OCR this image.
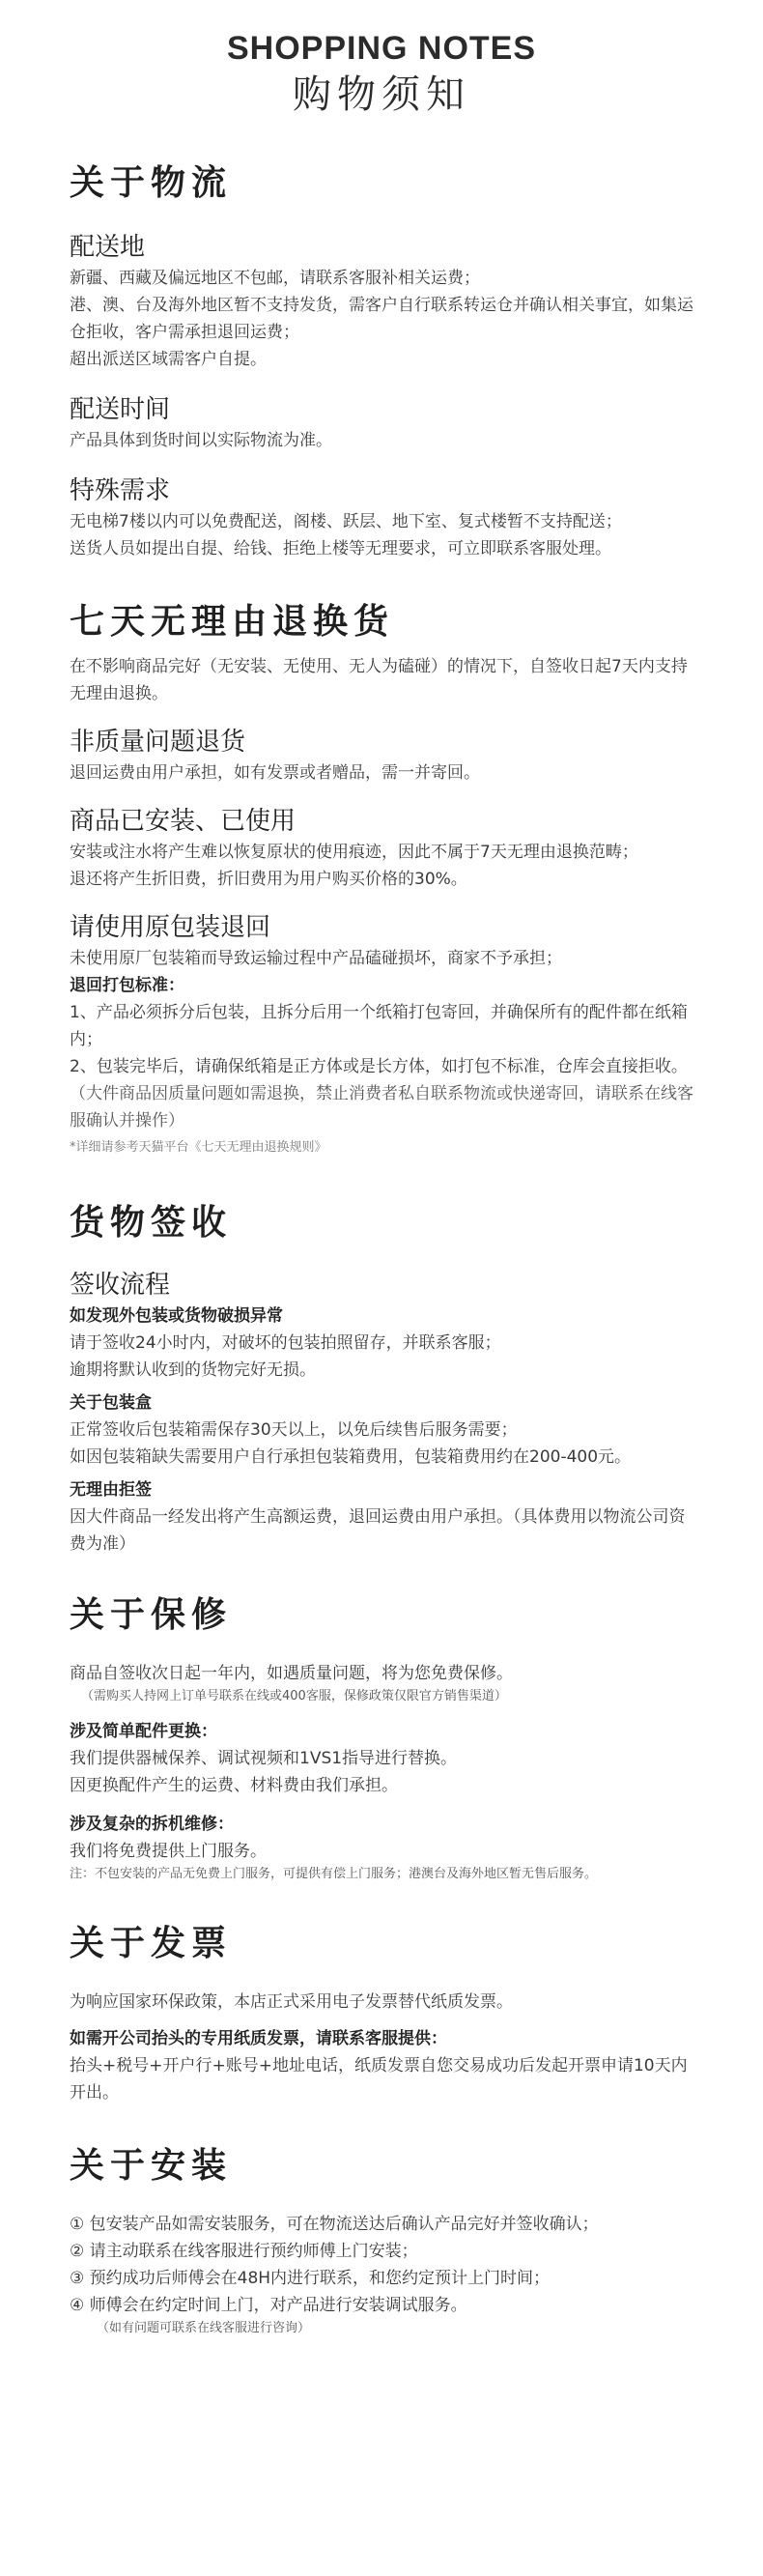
SHOPPING NOTES
购物须知
关于物流
配送地

新疆、西藏及偏远地区不包邮，请联系客服补相关运费；

港、澳、台及海外地区暂不支持发货，需客户自行联系转运仓并确认相关事宜，如集运仓拒收，客户需承担退回运费；

超出派送区域需客户自提。

配送时间

产品具体到货时间以实际物流为准。

特殊需求

无电梯7楼以内可以免费配送，阁楼、跃层、地下室、复式楼暂不支持配送；

送货人员如提出自提、给钱、拒绝上楼等无理要求，可立即联系客服处理。

七天无理由退换货

在不影响商品完好（无安装、无使用、无人为磕碰）的情况下，自签收日起7天内支持无理由退换。

非质量问题退货

退回运费由用户承担，如有发票或者赠品，需一并寄回。

商品已安装、已使用

安装或注水将产生难以恢复原状的使用痕迹，因此不属于7天无理由退换范畴；

退还将产生折旧费，折旧费用为用户购买价格的30%。

请使用原包装退回

未使用原厂包装箱而导致运输过程中产品磕碰损坏，商家不予承担；

退回打包标准：

1、产品必须拆分后包装，且拆分后用一个纸箱打包寄回，并确保所有的配件都在纸箱内；

2、包装完毕后，请确保纸箱是正方体或是长方体，如打包不标准，仓库会直接拒收。

（大件商品因质量问题如需退换，禁止消费者私自联系物流或快递寄回，请联系在线客服确认并操作）

*详细请参考天猫平台《七天无理由退换规则》

货物签收
签收流程

如发现外包装或货物破损异常

请于签收24小时内，对破坏的包装拍照留存，并联系客服；

逾期将默认收到的货物完好无损。

关于包装盒

正常签收后包装箱需保存30天以上，以免后续售后服务需要；

如因包装箱缺失需要用户自行承担包装箱费用，包装箱费用约在200-400元。

无理由拒签

因大件商品一经发出将产生高额运费，退回运费由用户承担。（具体费用以物流公司资费为准）

关于保修

商品自签收次日起一年内，如遇质量问题，将为您免费保修。

（需购买人持网上订单号联系在线或400客服，保修政策仅限官方销售渠道）

涉及简单配件更换：

我们提供器械保养、调试视频和1VS1指导进行替换。

因更换配件产生的运费、材料费由我们承担。

涉及复杂的拆机维修：

我们将免费提供上门服务。

注：不包安装的产品无免费上门服务，可提供有偿上门服务；港澳台及海外地区暂无售后服务。

关于发票

为响应国家环保政策，本店正式采用电子发票替代纸质发票。

如需开公司抬头的专用纸质发票，请联系客服提供：

抬头+税号+开户行+账号+地址电话，纸质发票自您交易成功后发起开票申请10天内开出。

关于安装

① 包安装产品如需安装服务，可在物流送达后确认产品完好并签收确认；

② 请主动联系在线客服进行预约师傅上门安装；

③ 预约成功后师傅会在48H内进行联系，和您约定预计上门时间；

④ 师傅会在约定时间上门，对产品进行安装调试服务。

（如有问题可联系在线客服进行咨询）
